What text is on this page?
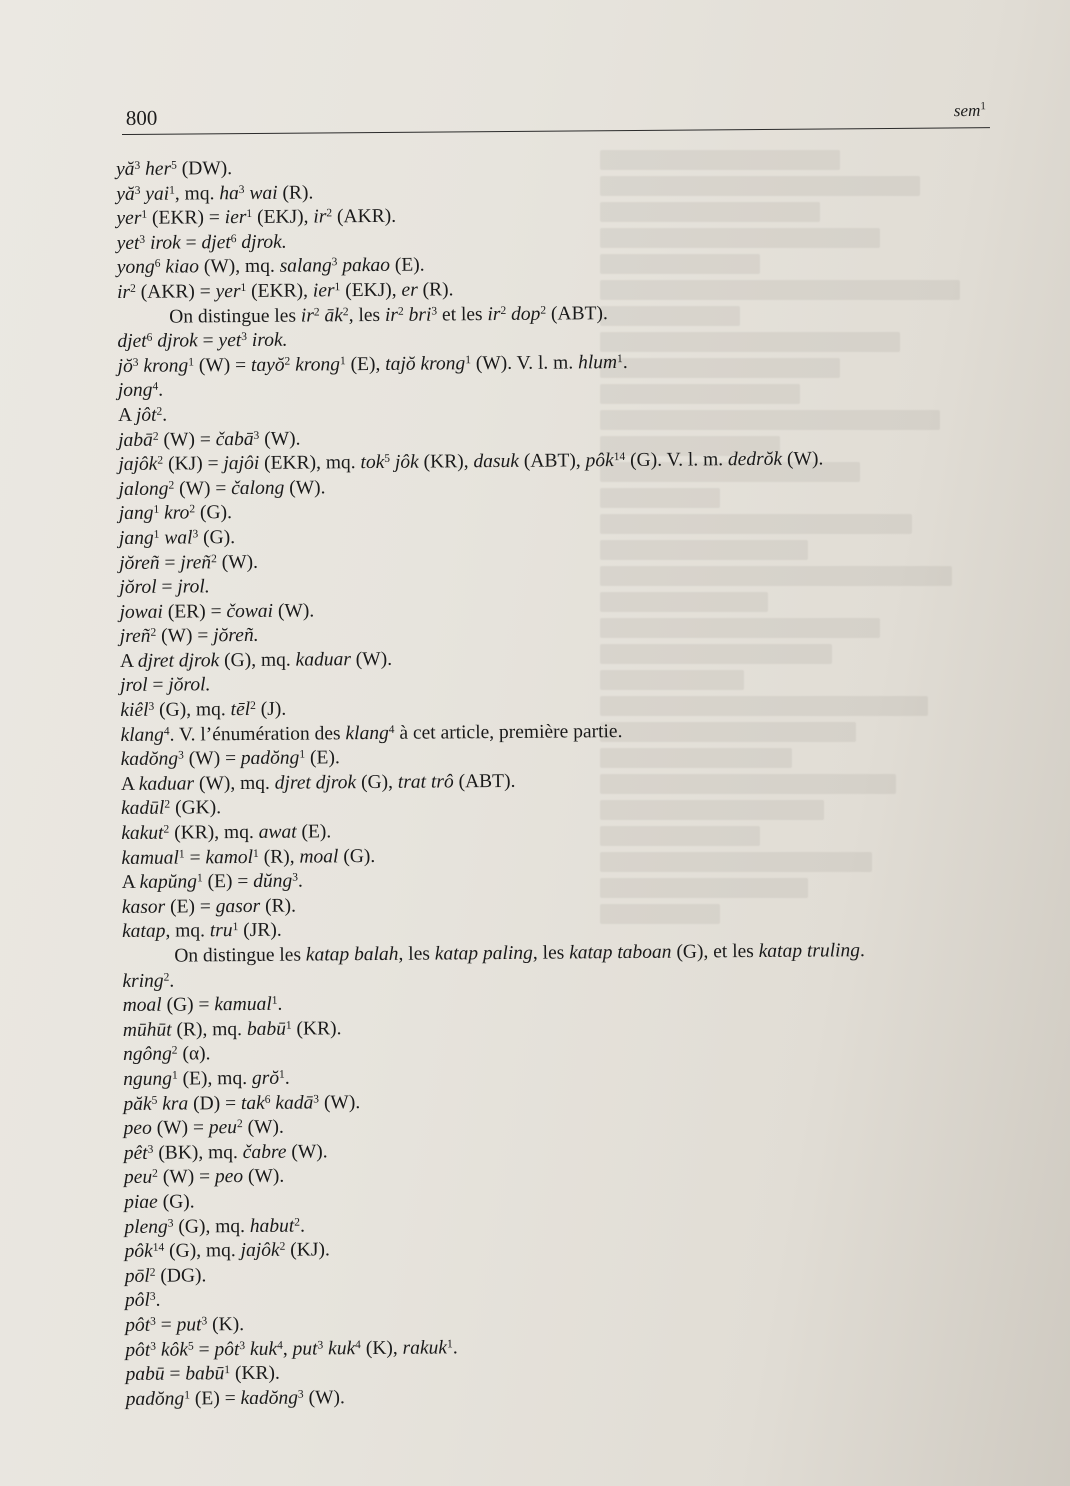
800	sem$^1$
$yă^3$ her$^5$ (DW).
$yă^3$ yai$^1$, mq. hɑ$^3$ wɑi (R).
yer$^1$ (EKR) = ier$^1$ (EKJ), $ir^2$ (AKR).
yet$^3$ irok = djet$^6$ djrok.
yong$^6$ kiao (W), mq. sɑlang$^3$ pɑkao (E).
$ir^2$ (AKR) = yer$^1$ (EKR), ier$^1$ (EKJ), er (R).
On distingue les $ir^2$ $āk^2$, les $ir^2$ bri$^3$ et les $ir^2$ dop$^2$ (ABT).
djet$^6$ djrok = yet$^3$ irok.
$jŏ^3$ krong$^1$ (W) = tɑyŏ$^2$ krong$^1$ (E), tɑjŏ krong$^1$ (W). V. l. m. hlum$^1$.
jong$^4$.
A jôt$^2$.
jɑbā$^2$ (W) = čɑbā$^3$ (W).
jɑjôk$^2$ (KJ) = jɑjôi (EKR), mq. tok$^5$ jôk (KR), dɑsuk (ABT), pôk$^{14}$ (G). V. l. m. dedrŏk (W).
jɑlong$^2$ (W) = čɑlong (W).
jɑng$^1$ kro$^2$ (G).
jɑng$^1$ wɑl$^3$ (G).
jŏreñ = jreñ$^2$ (W).
jŏrol = jrol.
jowɑi (ER) = čowɑi (W).
jreñ$^2$ (W) = jŏreñ.
A djret djrok (G), mq. kɑduar (W).
jrol = jŏrol.
kiêl$^3$ (G), mq. tēl$^2$ (J).
klang$^4$. V. l’énumération des klang$^4$ à cet article, première partie.
kɑdŏng$^3$ (W) = pɑdŏng$^1$ (E).
A kɑduar (W), mq. djret djrok (G), trat trô (ABT).
kɑdūl$^2$ (GK).
kɑkut$^2$ (KR), mq. awat (E).
kɑmuɑl$^1$ = kɑmol$^1$ (R), moal (G).
A kɑpŭng$^1$ (E) = dŭng$^3$.
kɑsor (E) = gɑsor (R).
kɑtɑp, mq. tru$^1$ (JR).
On distingue les kɑtɑp bɑlah, les kɑtɑp pɑling, les kɑtɑp tɑboan (G), et les kɑtɑp truling.
kring$^2$.
moal (G) = kɑmuɑl$^1$.
mūhūt (R), mq. bɑbū$^1$ (KR).
ngông$^2$ (α).
ngung$^1$ (E), mq. grŏ$^1$.
păk$^5$ kra (D) = tak$^6$ kɑdā$^3$ (W).
peo (W) = peu$^2$ (W).
pêt$^3$ (BK), mq. čɑbre (W).
peu$^2$ (W) = peo (W).
piɑe (G).
pleng$^3$ (G), mq. hɑbut$^2$.
pôk$^{14}$ (G), mq. jɑjôk$^2$ (KJ).
pōl$^2$ (DG).
pôl$^3$.
pôt$^3$ = put$^3$ (K).
pôt$^3$ kôk$^5$ = pôt$^3$ kuk$^4$, put$^3$ kuk$^4$ (K), rɑkuk$^1$.
pɑbū = bɑbū$^1$ (KR).
pɑdŏng$^1$ (E) = kɑdŏng$^3$ (W).
